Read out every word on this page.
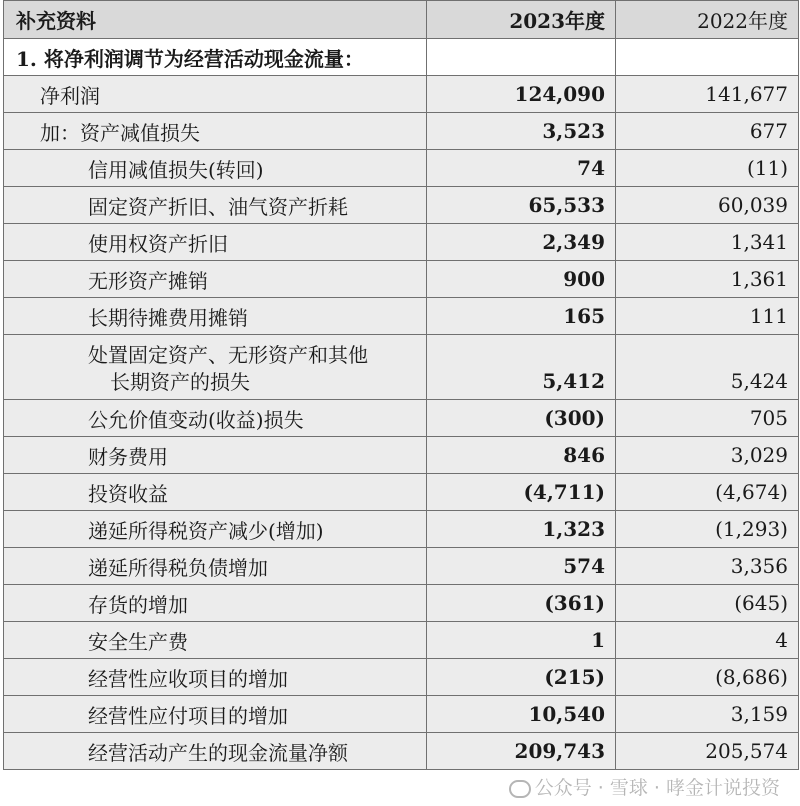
补充资料	2023年度	2022年度
1. 将净利润调节为经营活动现金流量：		
净利润	124,090	141,677
加：资产减值损失	3,523	677
信用减值损失(转回)	74	(11)
固定资产折旧、油气资产折耗	65,533	60,039
使用权资产折旧	2,349	1,341
无形资产摊销	900	1,361
长期待摊费用摊销	165	111
处置固定资产、无形资产和其他
长期资产的损失	5,412	5,424
公允价值变动(收益)损失	(300)	705
财务费用	846	3,029
投资收益	(4,711)	(4,674)
递延所得税资产减少(增加)	1,323	(1,293)
递延所得税负债增加	574	3,356
存货的增加	(361)	(645)
安全生产费	1	4
经营性应收项目的增加	(215)	(8,686)
经营性应付项目的增加	10,540	3,159
经营活动产生的现金流量净额	209,743	205,574
公众号 · 雪球 · 哮金计说投资
